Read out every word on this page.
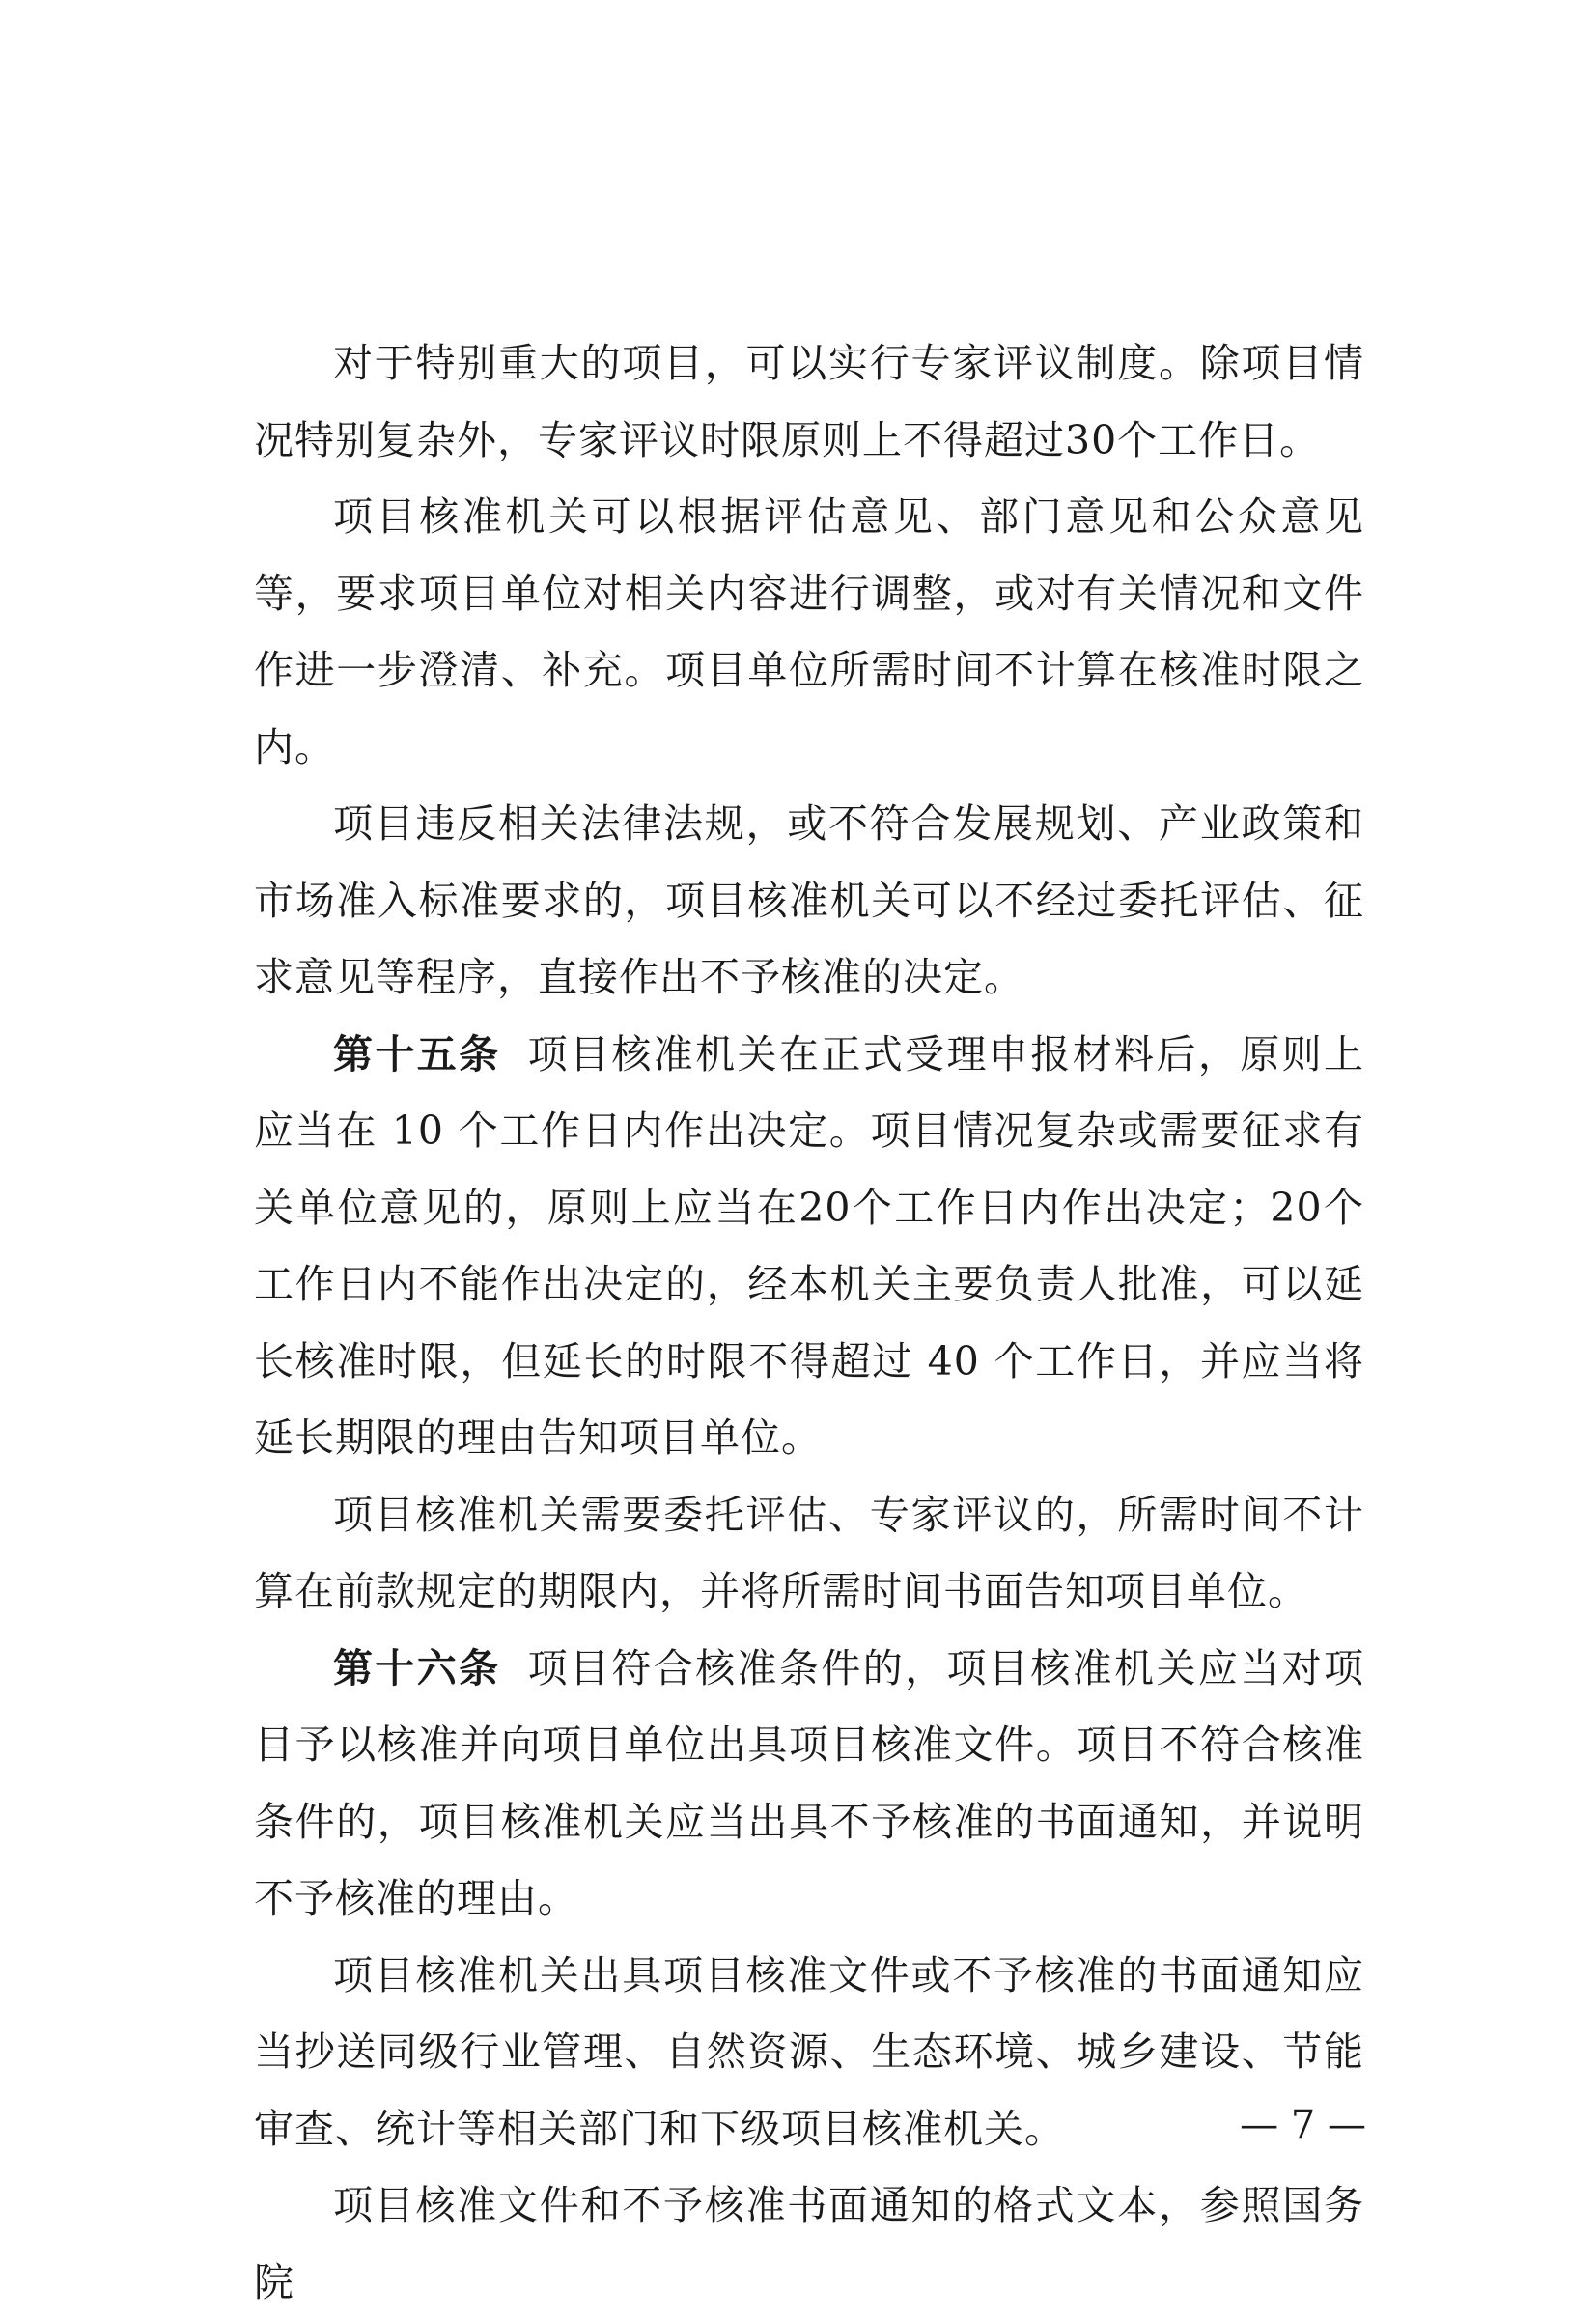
对于特别重大的项目，可以实行专家评议制度。除项目情况特别复杂外，专家评议时限原则上不得超过30个工作日。

项目核准机关可以根据评估意见、部门意见和公众意见等，要求项目单位对相关内容进行调整，或对有关情况和文件作进一步澄清、补充。项目单位所需时间不计算在核准时限之内。

项目违反相关法律法规，或不符合发展规划、产业政策和市场准入标准要求的，项目核准机关可以不经过委托评估、征求意见等程序，直接作出不予核准的决定。

第十五条 项目核准机关在正式受理申报材料后，原则上应当在 10 个工作日内作出决定。项目情况复杂或需要征求有关单位意见的，原则上应当在20个工作日内作出决定；20个工作日内不能作出决定的，经本机关主要负责人批准，可以延长核准时限，但延长的时限不得超过 40 个工作日，并应当将延长期限的理由告知项目单位。

项目核准机关需要委托评估、专家评议的，所需时间不计算在前款规定的期限内，并将所需时间书面告知项目单位。

第十六条 项目符合核准条件的，项目核准机关应当对项目予以核准并向项目单位出具项目核准文件。项目不符合核准条件的，项目核准机关应当出具不予核准的书面通知，并说明不予核准的理由。

项目核准机关出具项目核准文件或不予核准的书面通知应当抄送同级行业管理、自然资源、生态环境、城乡建设、节能审查、统计等相关部门和下级项目核准机关。

项目核准文件和不予核准书面通知的格式文本，参照国务院

— 7 —
